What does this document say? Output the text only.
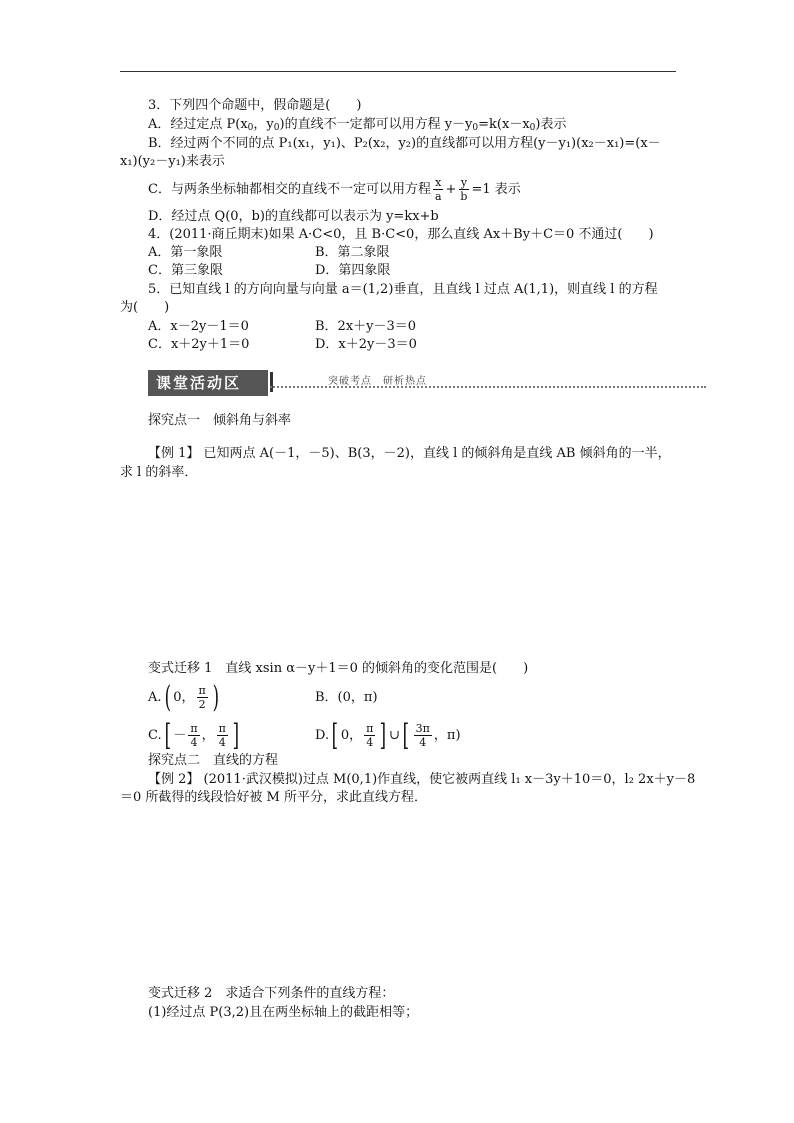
3．下列四个命题中，假命题是(　　)
A．经过定点 $P(x_0$，$y_0$)的直线不一定都可以用方程 $y-y_0=k(x-x_0)$表示
B．经过两个不同的点 P₁(x₁，y₁)、P₂(x₂，y₂)的直线都可以用方程(y－y₁)(x₂－x₁)=(x－
x₁)(y₂－y₁)来表示
C．与两条坐标轴都相交的直线不一定可以用方程 $\frac{x}{a} + \frac{y}{b} =1$ 表示
D．经过点 Q(0，b)的直线都可以表示为 y=kx+b
4．(2011·商丘期末)如果 A·C<0，且 B·C<0，那么直线 Ax＋By＋C＝0 不通过(　　)
A．第一象限	B．第二象限
C．第三象限	D．第四象限
5．已知直线 l 的方向向量与向量 a＝(1,2)垂直，且直线 l 过点 A(1,1)，则直线 l 的方程
为(　　)
A．x－2y－1＝0	B．2x＋y－3＝0
C．x＋2y＋1＝0	D．x＋2y－3＝0
课堂活动区	突破考点　研析热点
探究点一　倾斜角与斜率
【例 1】 已知两点 A(－1，－5)、B(3，－2)，直线 l 的倾斜角是直线 AB 倾斜角的一半，
求 l 的斜率．
变式迁移 1　直线 xsin α－y＋1＝0 的倾斜角的变化范围是(　　)
A.( 0， $\frac{\pi}{2}$ )	B．(0，π)
$C.[ - \frac{\pi}{4}$ ， $\frac{\pi}{4}$ ]	D.[ 0， $\frac{\pi}{4}$ ] ∪[ $\frac{3\pi}{4}$ ，π)
探究点二　直线的方程
【例 2】 (2011·武汉模拟)过点 M(0,1)作直线，使它被两直线 l₁ x－3y＋10＝0，l₂ 2x＋y－8
＝0 所截得的线段恰好被 M 所平分，求此直线方程．
变式迁移 2　求适合下列条件的直线方程：
(1)经过点 P(3,2)且在两坐标轴上的截距相等；
